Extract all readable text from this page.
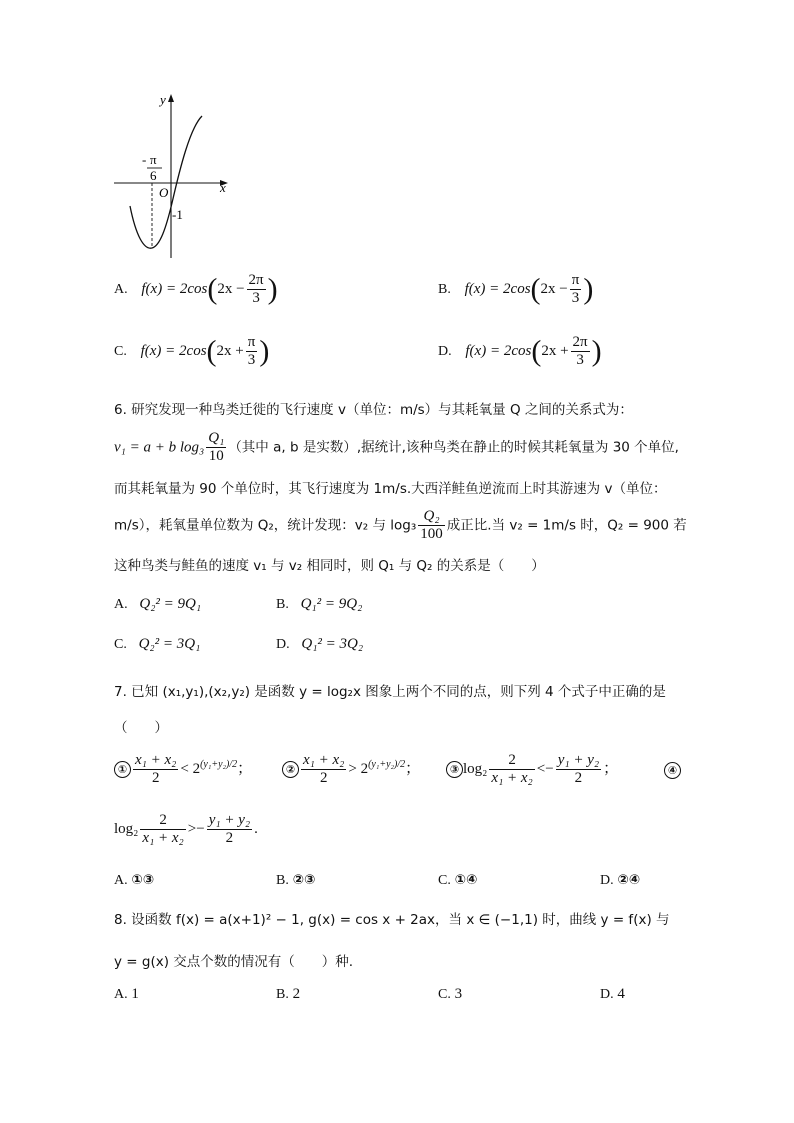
y
x
O
- π
6
-1
A. $f(x) = 2\cos(2x - \frac{2\pi}{3}$ )	B. $f(x) = 2\cos(2x - \frac{\pi}{3}$ )
C. $f(x) = 2\cos(2x + \frac{\pi}{3}$ )	D. $f(x) = 2\cos(2x + \frac{2\pi}{3}$ )
6. 研究发现一种鸟类迁徙的飞行速度 v（单位：m/s）与其耗氧量 Q 之间的关系式为：
v₁ = a + b $\log_3 \frac{\text{Q₁}}{10}$ （其中 a, b 是实数）,据统计,该种鸟类在静止的时候其耗氧量为 30 个单位,
而其耗氧量为 90 个单位时，其飞行速度为 1m/s.大西洋鲑鱼逆流而上时其游速为 v（单位：
m/s），耗氧量单位数为 Q₂，统计发现：v₂ 与 $\log_3 \frac{\text{Q₂}}{100}$ 成正比.当 v₂ = 1m/s 时，Q₂ = 900 若
这种鸟类与鲑鱼的速度 v₁ 与 v₂ 相同时，则 Q₁ 与 Q₂ 的关系是（　　）
A. Q₂² = 9Q₁	B. Q₁² = 9Q₂
C. Q₂² = 3Q₁	D. Q₁² = 3Q₂
7. 已知 (x₁,y₁),(x₂,y₂) 是函数 y = log₂x 图象上两个不同的点，则下列 4 个式子中正确的是
（　　）
① $\frac{\text{x₁ + x₂}}{2} < 2^{(y_1+y_2)/2}$；	② $\frac{\text{x₁ + x₂}}{2} > 2^{(y_1+y_2)/2}$；	③ $\log_2 \frac{2}{\text{x₁ + x₂}} <- \frac{\text{y₁ + y₂}}{2}$ ；	④
$\log_2 \frac{2}{\text{x₁ + x₂}} >- \frac{\text{y₁ + y₂}}{2}$ .
A. ①③	B. ②③	C. ①④	D. ②④
8. 设函数 f(x) = a(x+1)² − 1, g(x) = cos x + 2ax，当 x ∈ (−1,1) 时，曲线 y = f(x) 与
y = g(x) 交点个数的情况有（　　）种.
A. 1	B. 2	C. 3	D. 4
